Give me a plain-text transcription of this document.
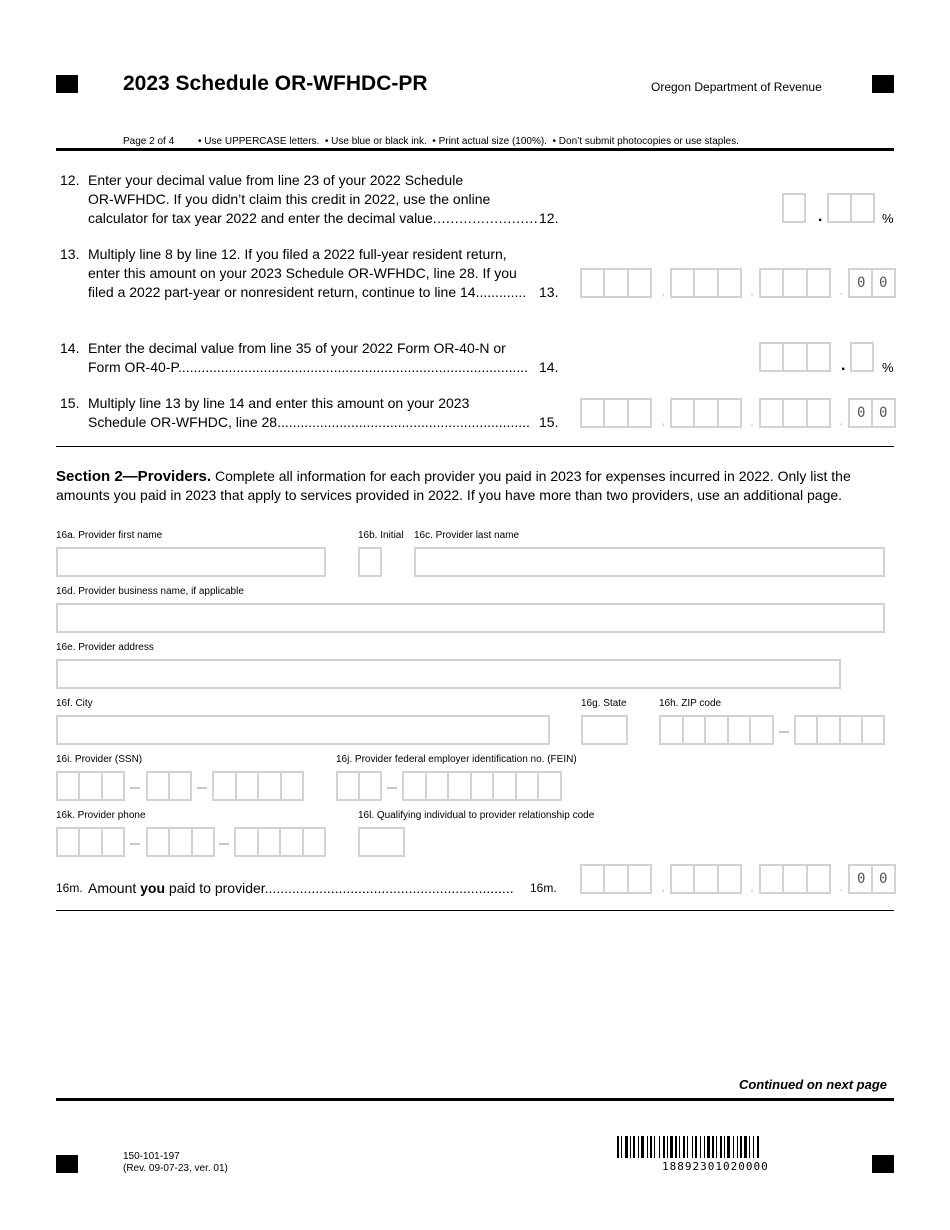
2023 Schedule OR-WFHDC-PR	Oregon Department of Revenue
Page 2 of 4 • Use UPPERCASE letters.  • Use blue or black ink.  • Print actual size (100%).  • Don’t submit photocopies or use staples.
12. Enter your decimal value from line 23 of your 2022 Schedule
OR-WFHDC. If you didn’t claim this credit in 2022, use the online
calculator for tax year 2022 and enter the decimal value........................ 12.	.	%
13. Multiply line 8 by line 12. If you filed a 2022 full-year resident return,
enter this amount on your 2023 Schedule OR-WFHDC, line 28. If you
filed a 2022 part-year or nonresident return, continue to line 14............. 13.	,	,	. 0 0
14. Enter the decimal value from line 35 of your 2022 Form OR-40-N or
Form OR-40-P.......................................................................................... 14.	.	%
15. Multiply line 13 by line 14 and enter this amount on your 2023
Schedule OR-WFHDC, line 28................................................................. 15.	,	,	. 0 0
Section 2—Providers. Complete all information for each provider you paid in 2023 for expenses incurred in 2022. Only list the amounts you paid in 2023 that apply to services provided in 2022. If you have more than two providers, use an additional page.
16a. Provider first name	16b. Initial 16c. Provider last name
16d. Provider business name, if applicable
16e. Provider address
16f. City	16g. State	16h. ZIP code
16i. Provider (SSN)	16j. Provider federal employer identification no. (FEIN)
16k. Provider phone	16l. Qualifying individual to provider relationship code
16m. Amount you paid to provider................................................................ 16m.	,	,	. 0 0
Continued on next page
150-101-197
(Rev. 09-07-23, ver. 01)	18892301020000
